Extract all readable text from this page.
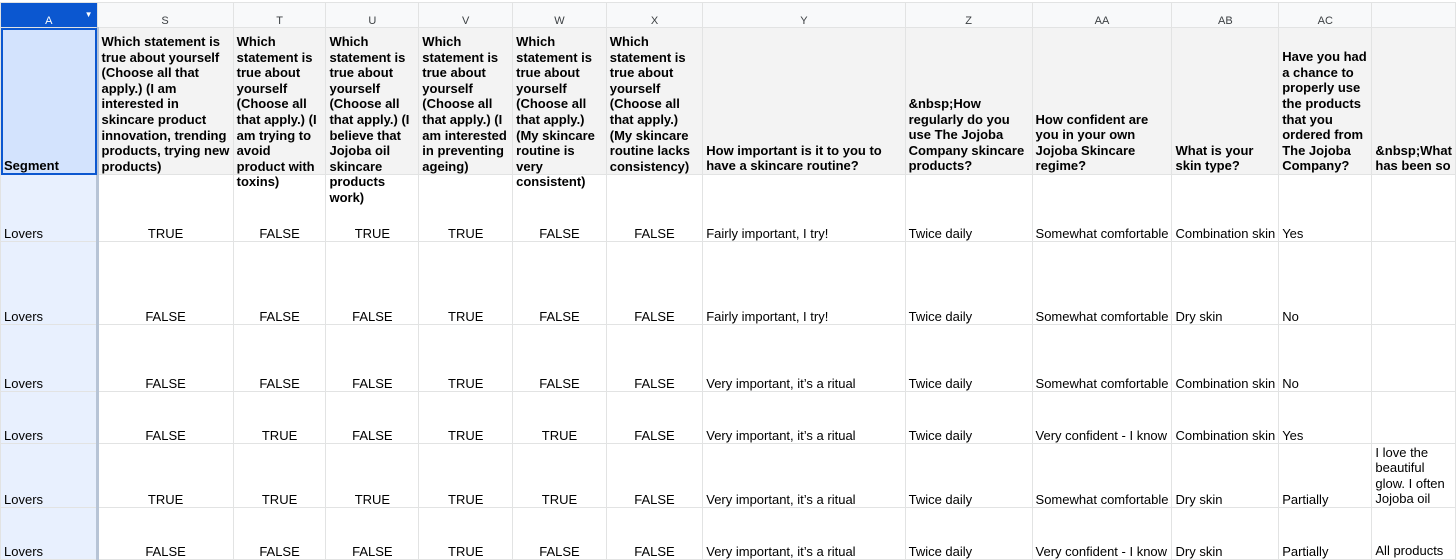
A
▼	S	T	U	V	W	X	Y	Z	AA	AB	AC	

Segment	Which statement is true about yourself (Choose all that apply.) (I am interested in skincare product innovation, trending products, trying new products)	Which statement is true about yourself (Choose all that apply.) (I am trying to avoid product with toxins)	Which statement is true about yourself (Choose all that apply.) (I believe that Jojoba oil skincare products work)	Which statement is true about yourself (Choose all that apply.) (I am interested in preventing ageing)	Which statement is true about yourself (Choose all that apply.) (My skincare routine is very consistent)	Which statement is true about yourself (Choose all that apply.) (My skincare routine lacks consistency)	How important is it to you to have a skincare routine?	&nbsp;How regularly do you use The Jojoba Company skincare products?	How confident are you in your own Jojoba Skincare regime?	What is your skin type?	Have you had a chance to properly use the products that you ordered from The Jojoba Company?	&nbsp;What has been so

Lovers	TRUE	FALSE	TRUE	TRUE	FALSE	FALSE	Fairly important, I try!	Twice daily	Somewhat comfortable	Combination skin	Yes	
Lovers	FALSE	FALSE	FALSE	TRUE	FALSE	FALSE	Fairly important, I try!	Twice daily	Somewhat comfortable	Dry skin	No	
Lovers	FALSE	FALSE	FALSE	TRUE	FALSE	FALSE	Very important, it’s a ritual	Twice daily	Somewhat comfortable	Combination skin	No	
Lovers	FALSE	TRUE	FALSE	TRUE	TRUE	FALSE	Very important, it’s a ritual	Twice daily	Very confident - I know	Combination skin	Yes	
Lovers	TRUE	TRUE	TRUE	TRUE	TRUE	FALSE	Very important, it’s a ritual	Twice daily	Somewhat comfortable	Dry skin	Partially	I love the beautiful glow. I often Jojoba oil
Lovers	FALSE	FALSE	FALSE	TRUE	FALSE	FALSE	Very important, it’s a ritual	Twice daily	Very confident - I know	Dry skin	Partially	All products
